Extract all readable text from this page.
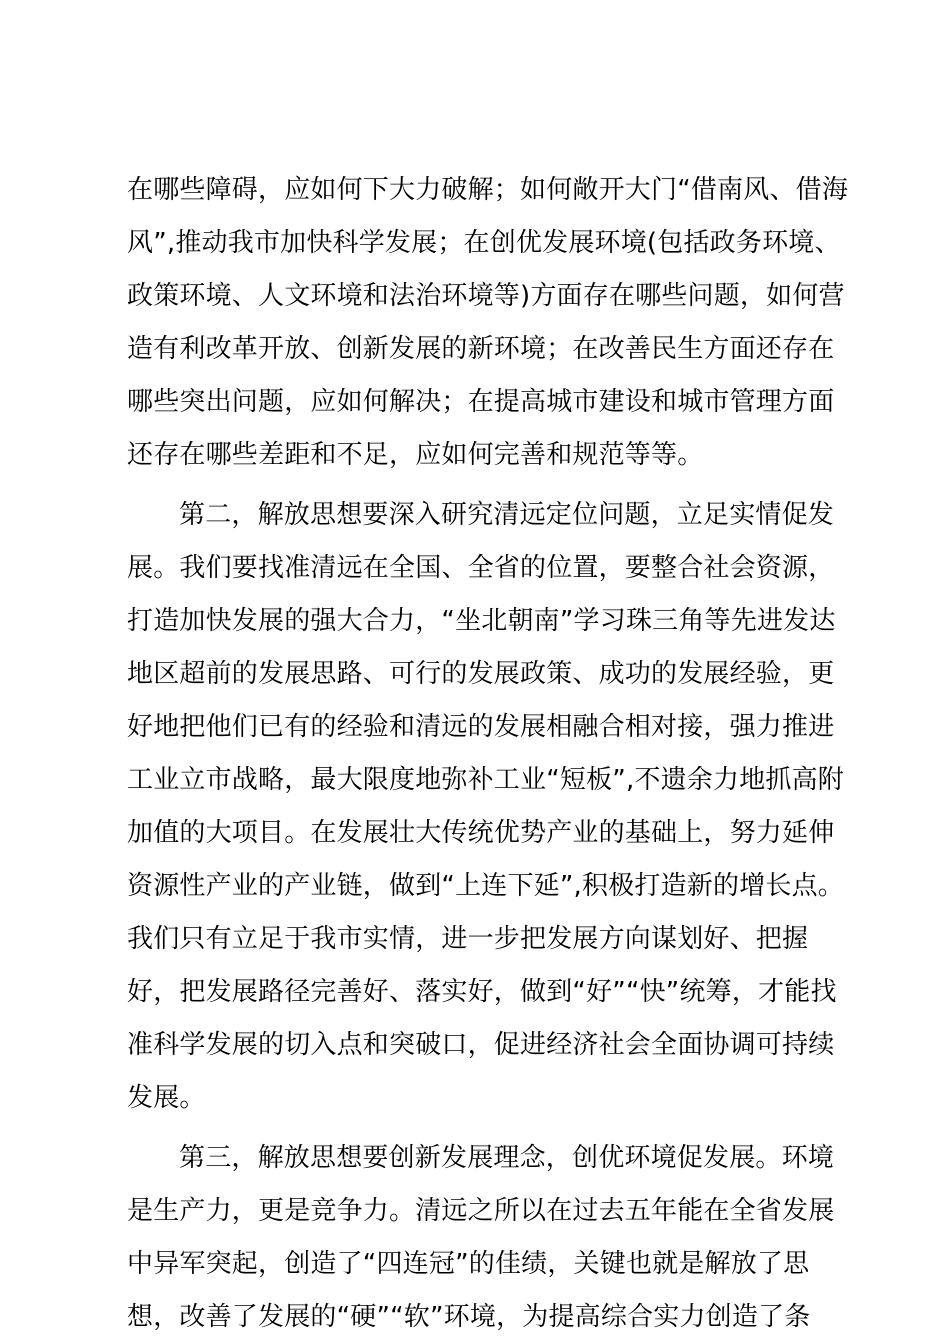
在哪些障碍，应如何下大力破解；如何敞开大门“借南风、借海
风”,推动我市加快科学发展；在创优发展环境(包括政务环境、
政策环境、人文环境和法治环境等)方面存在哪些问题，如何营
造有利改革开放、创新发展的新环境；在改善民生方面还存在
哪些突出问题，应如何解决；在提高城市建设和城市管理方面
还存在哪些差距和不足，应如何完善和规范等等。
第二，解放思想要深入研究清远定位问题，立足实情促发
展。我们要找准清远在全国、全省的位置，要整合社会资源，
打造加快发展的强大合力，“坐北朝南”学习珠三角等先进发达
地区超前的发展思路、可行的发展政策、成功的发展经验，更
好地把他们已有的经验和清远的发展相融合相对接，强力推进
工业立市战略，最大限度地弥补工业“短板”,不遗余力地抓高附
加值的大项目。在发展壮大传统优势产业的基础上，努力延伸
资源性产业的产业链，做到“上连下延”,积极打造新的增长点。
我们只有立足于我市实情，进一步把发展方向谋划好、把握
好，把发展路径完善好、落实好，做到“好”“快”统筹，才能找
准科学发展的切入点和突破口，促进经济社会全面协调可持续
发展。
第三，解放思想要创新发展理念，创优环境促发展。环境
是生产力，更是竞争力。清远之所以在过去五年能在全省发展
中异军突起，创造了“四连冠”的佳绩，关键也就是解放了思
想，改善了发展的“硬”“软”环境，为提高综合实力创造了条
